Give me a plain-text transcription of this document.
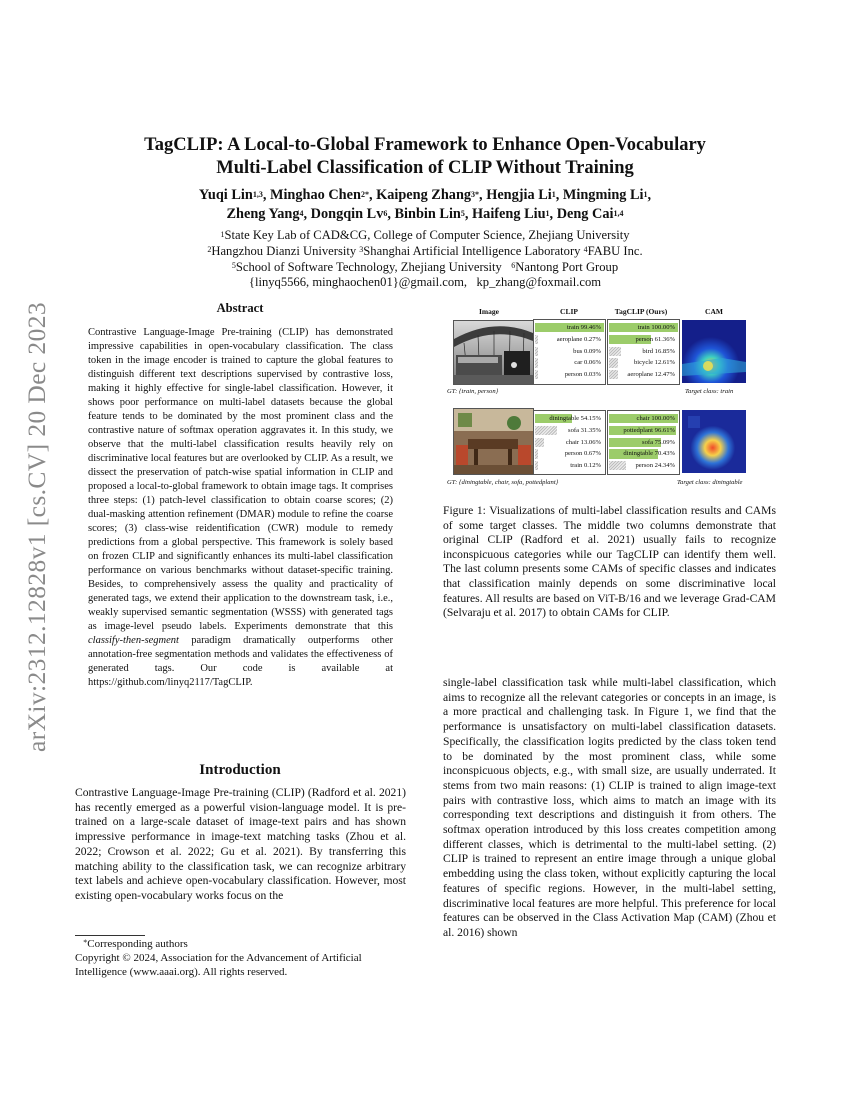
arXiv:2312.12828v1 [cs.CV] 20 Dec 2023
TagCLIP: A Local-to-Global Framework to Enhance Open-Vocabulary
Multi-Label Classification of CLIP Without Training
Yuqi Lin$^{1,3}$, Minghao Chen$^{2*}$, Kaipeng Zhang$^{3*}$, Hengjia Li$^1$, Mingming Li$^1$,
Zheng Yang$^4$, Dongqin Lv$^6$, Binbin Lin$^5$, Haifeng Liu$^1$, Deng Cai$^{1,4}$
$^1$State Key Lab of CAD&CG, College of Computer Science, Zhejiang University
$^2$Hangzhou Dianzi University $^3$Shanghai Artificial Intelligence Laboratory $^4$FABU Inc.
$^5$School of Software Technology, Zhejiang University $^6$Nantong Port Group
{linyq5566, minghaochen01}@gmail.com,   kp_zhang@foxmail.com
Abstract
Contrastive Language-Image Pre-training (CLIP) has demonstrated impressive capabilities in open-vocabulary classification. The class token in the image encoder is trained to capture the global features to distinguish different text descriptions supervised by contrastive loss, making it highly effective for single-label classification. However, it shows poor performance on multi-label datasets because the global feature tends to be dominated by the most prominent class and the contrastive nature of softmax operation aggravates it. In this study, we observe that the multi-label classification results heavily rely on discriminative local features but are overlooked by CLIP. As a result, we dissect the preservation of patch-wise spatial information in CLIP and proposed a local-to-global framework to obtain image tags. It comprises three steps: (1) patch-level classification to obtain coarse scores; (2) dual-masking attention refinement (DMAR) module to refine the coarse scores; (3) class-wise reidentification (CWR) module to remedy predictions from a global perspective. This framework is solely based on frozen CLIP and significantly enhances its multi-label classification performance on various benchmarks without dataset-specific training. Besides, to comprehensively assess the quality and practicality of generated tags, we extend their application to the downstream task, i.e., weakly supervised semantic segmentation (WSSS) with generated tags as image-level pseudo labels. Experiments demonstrate that this classify-then-segment paradigm dramatically outperforms other annotation-free segmentation methods and validates the effectiveness of generated tags. Our code is available at https://github.com/linyq2117/TagCLIP.
Introduction
Contrastive Language-Image Pre-training (CLIP) (Radford et al. 2021) has recently emerged as a powerful vision-language model. It is pre-trained on a large-scale dataset of image-text pairs and has shown impressive performance in image-text matching tasks (Zhou et al. 2022; Crowson et al. 2022; Gu et al. 2021). By transferring this matching ability to the classification task, we can recognize arbitrary text labels and achieve open-vocabulary classification. However, most existing open-vocabulary works focus on the
*Corresponding authors
Copyright © 2024, Association for the Advancement of Artificial Intelligence (www.aaai.org). All rights reserved.
Image	CLIP	TagCLIP (Ours)	CAM
GT: {train, person}	Target class: train
GT: {diningtable, chair, sofa, pottedplant}	Target class: diningtable
train 99.46%
aeroplane 0.27%
bus 0.09%
car 0.06%
person 0.03%
train 100.00%
person 61.36%
bird 16.85%
bicycle 12.61%
aeroplane 12.47%
diningtable 54.15%
sofa 31.35%
chair 13.06%
person 0.67%
train 0.12%
chair 100.00%
pottedplant 96.61%
sofa 75.09%
diningtable 70.43%
person 24.34%
Figure 1: Visualizations of multi-label classification results and CAMs of some target classes. The middle two columns demonstrate that original CLIP (Radford et al. 2021) usually fails to recognize inconspicuous categories while our TagCLIP can identify them well. The last column presents some CAMs of specific classes and indicates that classification mainly depends on some discriminative local features. All results are based on ViT-B/16 and we leverage Grad-CAM (Selvaraju et al. 2017) to obtain CAMs for CLIP.
single-label classification task while multi-label classification, which aims to recognize all the relevant categories or concepts in an image, is a more practical and challenging task. In Figure 1, we find that the performance is unsatisfactory on multi-label classification datasets. Specifically, the classification logits predicted by the class token tend to be dominated by the most prominent class, while some inconspicuous objects, e.g., with small size, are usually underrated. It stems from two main reasons: (1) CLIP is trained to align image-text pairs with contrastive loss, which aims to match an image with its corresponding text descriptions and distinguish it from others. The softmax operation introduced by this loss creates competition among different classes, which is detrimental to the multi-label setting. (2) CLIP is trained to represent an entire image through a unique global embedding using the class token, without explicitly capturing the local features of specific regions. However, in the multi-label setting, discriminative local features are more helpful. This preference for local features can be observed in the Class Activation Map (CAM) (Zhou et al. 2016) shown
